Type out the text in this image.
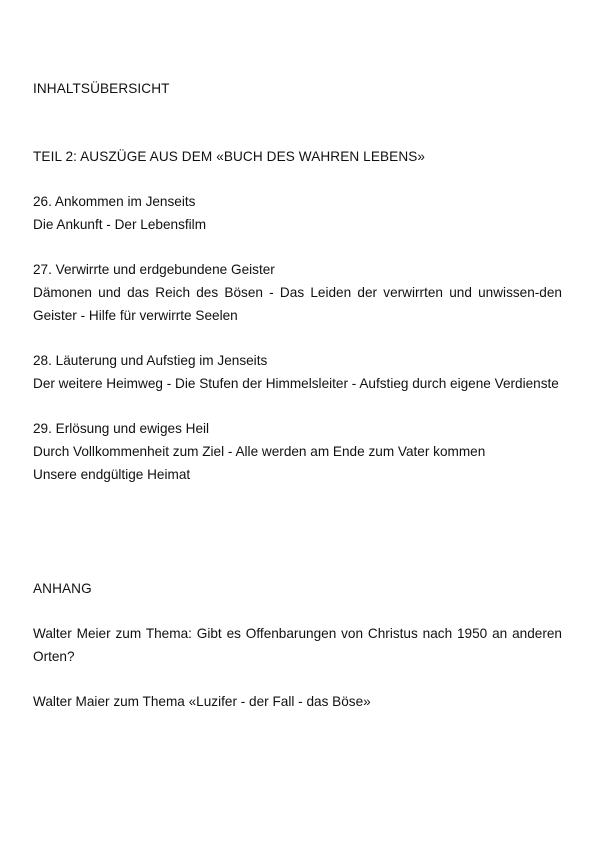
INHALTSÜBERSICHT
TEIL 2: AUSZÜGE AUS DEM «BUCH DES WAHREN LEBENS»

26. Ankommen im Jenseits

Die Ankunft - Der Lebensfilm

27. Verwirrte und erdgebundene Geister

Dämonen und das Reich des Bösen - Das Leiden der verwirrten und unwissen-den Geister - Hilfe für verwirrte Seelen

28. Läuterung und Aufstieg im Jenseits

Der weitere Heimweg - Die Stufen der Himmelsleiter - Aufstieg durch eigene Verdienste

29. Erlösung und ewiges Heil

Durch Vollkommenheit zum Ziel - Alle werden am Ende zum Vater kommen

Unsere endgültige Heimat

ANHANG

Walter Meier zum Thema: Gibt es Offenbarungen von Christus nach 1950 an anderen Orten?

Walter Maier zum Thema «Luzifer - der Fall - das Böse»
